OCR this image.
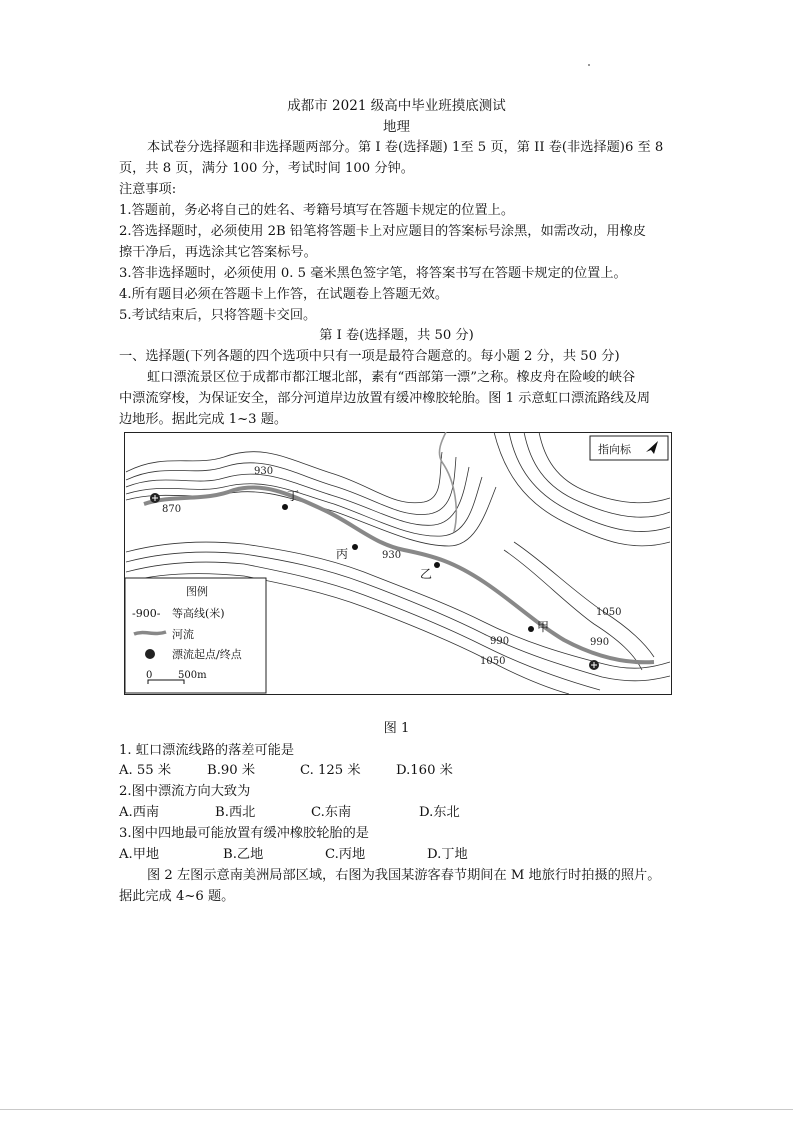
成都市 2021 级高中毕业班摸底测试
地理
本试卷分选择题和非选择题两部分。第 I 卷(选择题) 1至 5 页，第 II 卷(非选择题)6 至 8
页，共 8 页，满分 100 分，考试时间 100 分钟。
注意事项:
1.答题前，务必将自己的姓名、考籍号填写在答题卡规定的位置上。
2.答选择题时，必须使用 2B 铅笔将答题卡上对应题目的答案标号涂黑，如需改动，用橡皮
擦干净后，再选涂其它答案标号。
3.答非选择题时，必须使用 0. 5 毫米黑色签字笔，将答案书写在答题卡规定的位置上。
4.所有题目必须在答题卡上作答，在试题卷上答题无效。
5.考试结束后，只将答题卡交回。
第 I 卷(选择题，共 50 分)
一、选择题(下列各题的四个选项中只有一项是最符合题意的。每小题 2 分，共 50 分)
虹口漂流景区位于成都市都江堰北部，素有“西部第一漂”之称。橡皮舟在险峻的峡谷
中漂流穿梭，为保证安全，部分河道岸边放置有缓冲橡胶轮胎。图 1 示意虹口漂流路线及周
边地形。据此完成 1~3 题。
930
870
930
1050
990	990
1050
丁
丙
乙
甲
指向标
图例
-900- 等高线(米)
河流
漂流起点/终点
0	500m
图 1
1. 虹口漂流线路的落差可能是
A. 55 米	B.90 米	C. 125 米	D.160 米
2.图中漂流方向大致为
A.西南	B.西北	C.东南	D.东北
3.图中四地最可能放置有缓冲橡胶轮胎的是
A.甲地	B.乙地	C.丙地	D.丁地
图 2 左图示意南美洲局部区域，右图为我国某游客春节期间在 M 地旅行时拍摄的照片。
据此完成 4~6 题。
